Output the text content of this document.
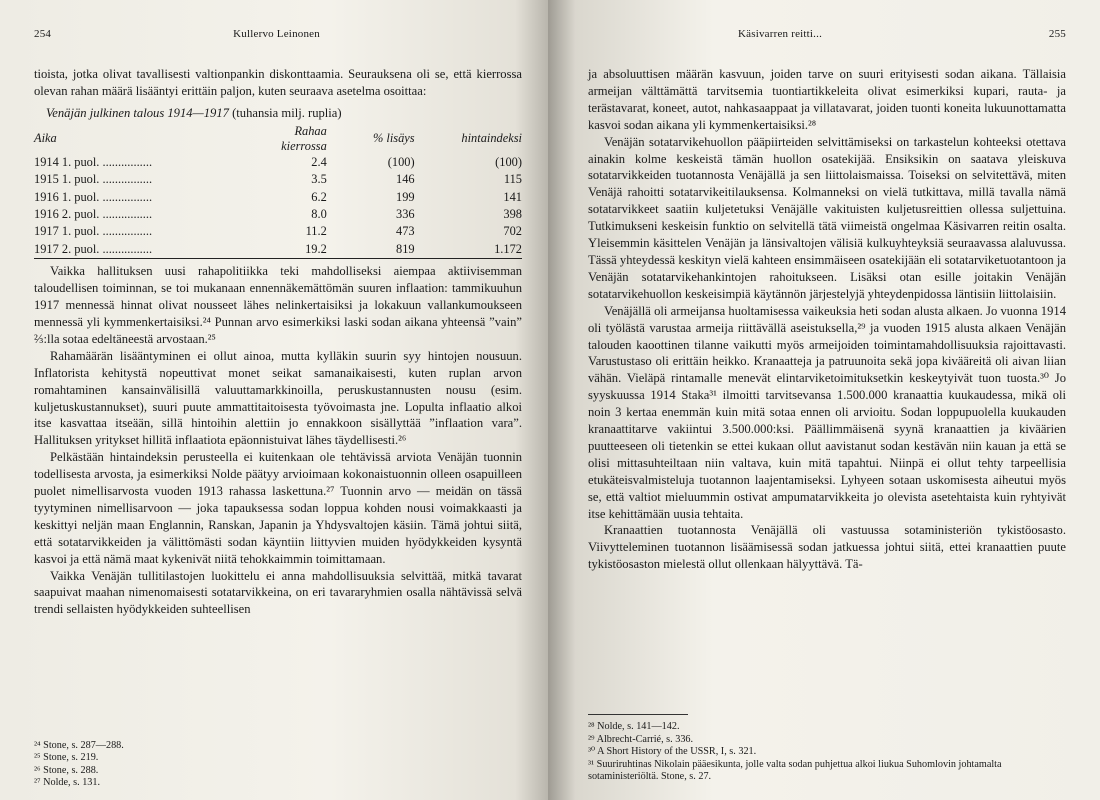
254	Kullervo Leinonen

tioista, jotka olivat tavallisesti valtionpankin diskonttaamia. Seurauksena oli se, että kierrossa olevan rahan määrä lisääntyi erittäin paljon, kuten seuraava asetelma osoittaa:

Venäjän julkinen talous 1914—1917 (tuhansia milj. ruplia)
Aika	Rahaa kierrossa	% lisäys	hintaindeksi
1914 1. puol. ................	2.4	(100)	(100)
1915 1. puol. ................	3.5	146	115
1916 1. puol. ................	6.2	199	141
1916 2. puol. ................	8.0	336	398
1917 1. puol. ................	11.2	473	702
1917 2. puol. ................	19.2	819	1.172

Vaikka hallituksen uusi rahapolitiikka teki mahdolliseksi aiempaa aktiivisemman taloudellisen toiminnan, se toi mukanaan ennennäkemättömän suuren inflaation: tammikuuhun 1917 mennessä hinnat olivat nousseet lähes nelinkertaisiksi ja lokakuun vallankumoukseen mennessä yli kymmenkertaisiksi.²⁴ Punnan arvo esimerkiksi laski sodan aikana yhteensä ”vain” ⅔:lla sotaa edeltäneestä arvostaan.²⁵

Rahamäärän lisääntyminen ei ollut ainoa, mutta kylläkin suurin syy hintojen nousuun. Inflatorista kehitystä nopeuttivat monet seikat samanaikaisesti, kuten ruplan arvon romahtaminen kansainvälisillä valuuttamarkkinoilla, peruskustannusten nousu (esim. kuljetuskustannukset), suuri puute ammattitaitoisesta työvoimasta jne. Lopulta inflaatio alkoi itse kasvattaa itseään, sillä hintoihin alettiin jo ennakkoon sisällyttää ”inflaation vara”. Hallituksen yritykset hillitä inflaatiota epäonnistuivat lähes täydellisesti.²⁶

Pelkästään hintaindeksin perusteella ei kuitenkaan ole tehtävissä arviota Venäjän tuonnin todellisesta arvosta, ja esimerkiksi Nolde päätyy arvioimaan kokonaistuonnin olleen osapuilleen puolet nimellisarvosta vuoden 1913 rahassa laskettuna.²⁷ Tuonnin arvo — meidän on tässä tyytyminen nimellisarvoon — joka tapauksessa sodan loppua kohden nousi voimakkaasti ja keskittyi neljän maan Englannin, Ranskan, Japanin ja Yhdysvaltojen käsiin. Tämä johtui siitä, että sotatarvikkeiden ja välittömästi sodan käyntiin liittyvien muiden hyödykkeiden kysyntä kasvoi ja että nämä maat kykenivät niitä tehokkaimmin toimittamaan.

Vaikka Venäjän tullitilastojen luokittelu ei anna mahdollisuuksia selvittää, mitkä tavarat saapuivat maahan nimenomaisesti sotatarvikkeina, on eri tavararyhmien osalla nähtävissä selvä trendi sellaisten hyödykkeiden suhteellisen

²⁴ Stone, s. 287—288.

²⁵ Stone, s. 219.

²⁶ Stone, s. 288.

²⁷ Nolde, s. 131.

Käsivarren reitti...	255

ja absoluuttisen määrän kasvuun, joiden tarve on suuri erityisesti sodan aikana. Tällaisia armeijan välttämättä tarvitsemia tuontiartikkeleita olivat esimerkiksi kupari, rauta- ja terästavarat, koneet, autot, nahkasaappaat ja villatavarat, joiden tuonti koneita lukuunottamatta kasvoi sodan aikana yli kymmenkertaisiksi.²⁸

Venäjän sotatarvikehuollon pääpiirteiden selvittämiseksi on tarkastelun kohteeksi otettava ainakin kolme keskeistä tämän huollon osatekijää. Ensiksikin on saatava yleiskuva sotatarvikkeiden tuotannosta Venäjällä ja sen liittolaismaissa. Toiseksi on selvitettävä, miten Venäjä rahoitti sotatarvikeitilauksensa. Kolmanneksi on vielä tutkittava, millä tavalla nämä sotatarvikkeet saatiin kuljetetuksi Venäjälle vakituisten kuljetusreittien ollessa suljettuina. Tutkimukseni keskeisin funktio on selvitellä tätä viimeistä ongelmaa Käsivarren reitin osalta. Yleisemmin käsittelen Venäjän ja länsivaltojen välisiä kulkuyhteyksiä seuraavassa alaluvussa. Tässä yhteydessä keskityn vielä kahteen ensimmäiseen osatekijään eli sotatarviketuotantoon ja Venäjän sotatarvikehankintojen rahoitukseen. Lisäksi otan esille joitakin Venäjän sotatarvikehuollon keskeisimpiä käytännön järjestelyjä yhteydenpidossa läntisiin liittolaisiin.

Venäjällä oli armeijansa huoltamisessa vaikeuksia heti sodan alusta alkaen. Jo vuonna 1914 oli työlästä varustaa armeija riittävällä aseistuksella,²⁹ ja vuoden 1915 alusta alkaen Venäjän talouden kaoottinen tilanne vaikutti myös armeijoiden toimintamahdollisuuksia rajoittavasti. Varustustaso oli erittäin heikko. Kranaatteja ja patruunoita sekä jopa kivääreitä oli aivan liian vähän. Vieläpä rintamalle menevät elintarviketoimituksetkin keskeytyivät tuon tuosta.³⁰ Jo syyskuussa 1914 Staka³¹ ilmoitti tarvitsevansa 1.500.000 kranaattia kuukaudessa, mikä oli noin 3 kertaa enemmän kuin mitä sotaa ennen oli arvioitu. Sodan loppupuolella kuukauden kranaattitarve vakiintui 3.500.000:ksi. Päällimmäisenä syynä kranaattien ja kiväärien puutteeseen oli tietenkin se ettei kukaan ollut aavistanut sodan kestävän niin kauan ja että se olisi mittasuhteiltaan niin valtava, kuin mitä tapahtui. Niinpä ei ollut tehty tarpeellisia etukäteisvalmisteluja tuotannon laajentamiseksi. Lyhyeen sotaan uskomisesta aiheutui myös se, että valtiot mieluummin ostivat ampumatarvikkeita jo olevista asetehtaista kuin ryhtyivät itse kehittämään uusia tehtaita.

Kranaattien tuotannosta Venäjällä oli vastuussa sotaministeriön tykistöosasto. Viivytteleminen tuotannon lisäämisessä sodan jatkuessa johtui siitä, ettei kranaattien puute tykistöosaston mielestä ollut ollenkaan hälyyttävä. Tä-

²⁸ Nolde, s. 141—142.

²⁹ Albrecht-Carrié, s. 336.

³⁰ A Short History of the USSR, I, s. 321.

³¹ Suuriruhtinas Nikolain pääesikunta, jolle valta sodan puhjettua alkoi liukua Suhomlovin johtamalta sotaministeriöltä. Stone, s. 27.
